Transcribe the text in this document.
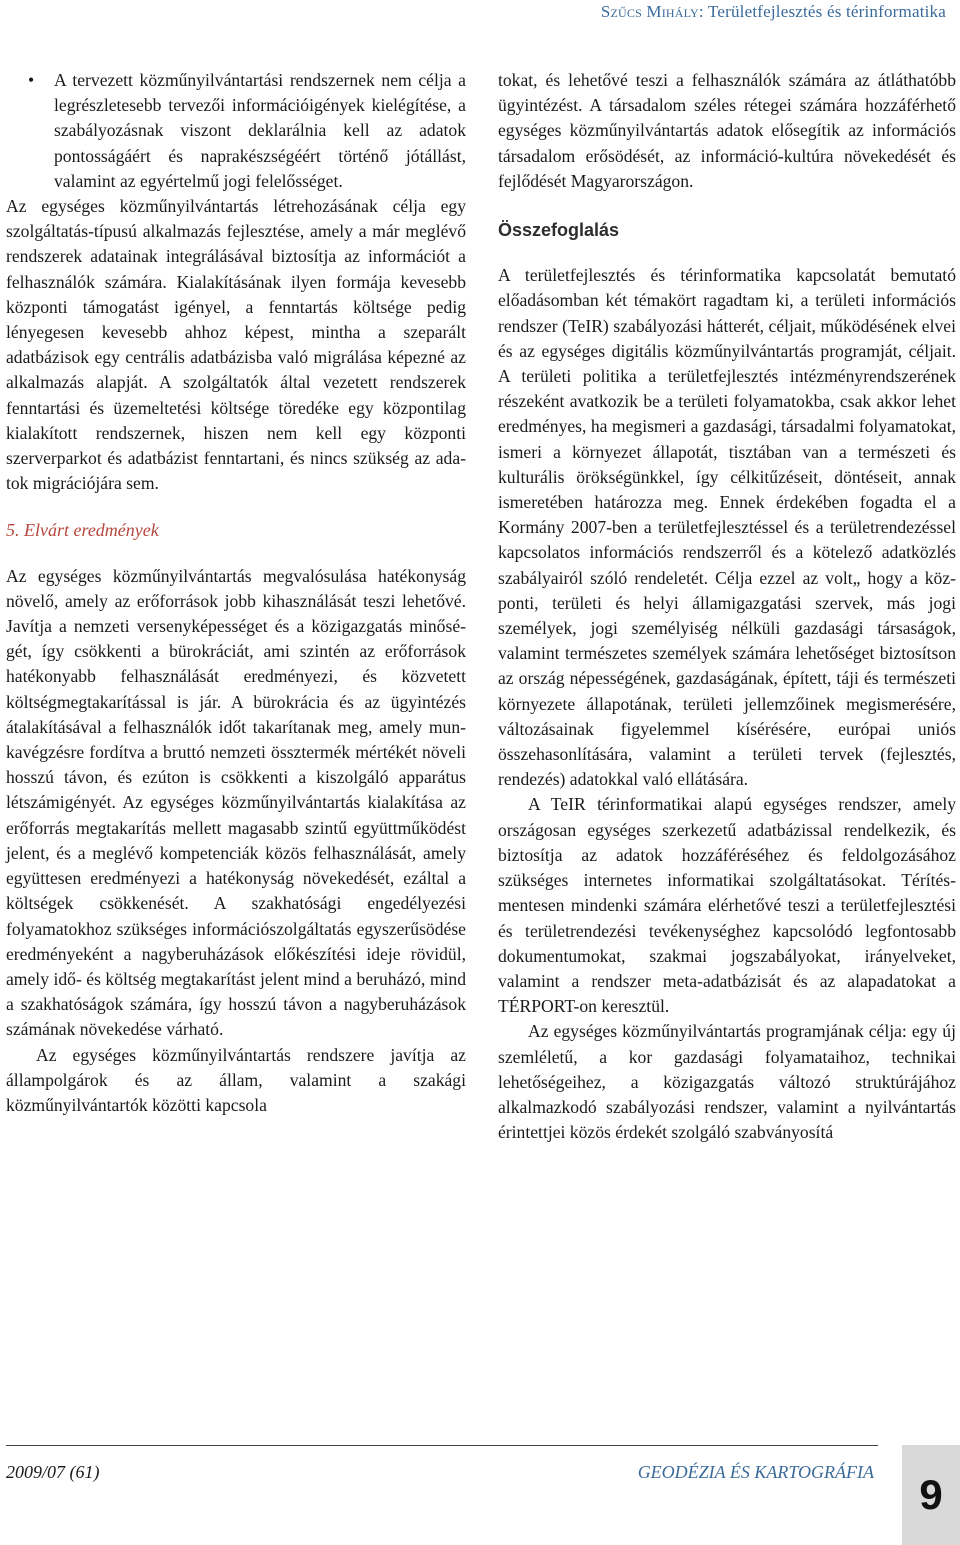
Szűcs Mihály: Területfejlesztés és térinformatika
• A tervezett közműnyilvántartási rendszernek nem célja a legrészletesebb tervezői információigények kielégítése, a szabályozásnak viszont deklarálnia kell az adatok pontosságáért és naprakészségéért történő jótállást, valamint az egyértelmű jogi felelősséget.

Az egységes közműnyilvántartás létrehozásának célja egy szolgáltatás-típusú alkalmazás fejlesztése, amely a már meglévő rendszerek adatainak integrálásával biztosítja az információt a felhasználók számára. Kialakításának ilyen formája kevesebb központi támogatást igényel, a fenntartás költsége pedig lényegesen kevesebb ahhoz képest, mintha a szeparált adatbázisok egy centrális adatbázisba való migrálása képezné az alkalmazás alapját. A szolgáltatók által vezetett rendszerek fenntartási és üzemeltetési költsége töredéke egy központilag kialakított rendszernek, hiszen nem kell egy központi szerverparkot és adatbázist fenntartani, és nincs szükség az adatok migrációjára sem.

5. Elvárt eredmények

Az egységes közműnyilvántartás megvalósulása hatékonyság növelő, amely az erőforrások jobb kihasználását teszi lehetővé. Javítja a nemzeti versenyképességet és a közigazgatás minőségét, így csökkenti a bürokráciát, ami szintén az erőforrások hatékonyabb felhasználását eredményezi, és közvetett költségmegtakarítással is jár. A bürokrácia és az ügyintézés átalakításával a felhasználók időt takarítanak meg, amely munkavégzésre fordítva a bruttó nemzeti össztermék mértékét növeli hosszú távon, és ezúton is csökkenti a kiszolgáló apparátus létszámigényét. Az egységes közműnyilvántartás kialakítása az erőforrás megtakarítás mellett magasabb szintű együttműködést jelent, és a meglévő kompetenciák közös felhasználását, amely együttesen eredményezi a hatékonyság növekedését, ezáltal a költségek csökkenését. A szakhatósági engedélyezési folyamatokhoz szükséges információszolgáltatás egyszerűsödése eredményeként a nagyberuházások előkészítési ideje rövidül, amely idő- és költség megtakarítást jelent mind a beruházó, mind a szakhatóságok számára, így hosszú távon a nagyberuházások számának növekedése várható.

Az egységes közműnyilvántartás rendszere javítja az állampolgárok és az állam, valamint a szakági közműnyilvántartók közötti kapcsola

tokat, és lehetővé teszi a felhasználók számára az átláthatóbb ügyintézést. A társadalom széles rétegei számára hozzáférhető egységes közműnyilvántartás adatok elősegítik az információs társadalom erősödését, az információ-kultúra növekedését és fejlődését Magyarországon.

Összefoglalás

A területfejlesztés és térinformatika kapcsolatát bemutató előadásomban két témakört ragadtam ki, a területi információs rendszer (TeIR) szabályozási hátterét, céljait, működésének elvei és az egységes digitális közműnyilvántartás programját, céljait. A területi politika a területfejlesztés intézményrendszerének részeként avatkozik be a területi folyamatokba, csak akkor lehet eredményes, ha megismeri a gazdasági, társadalmi folyamatokat, ismeri a környezet állapotát, tisztában van a természeti és kulturális örökségünkkel, így célkitűzéseit, döntéseit, annak ismeretében határozza meg. Ennek érdekében fogadta el a Kormány 2007-ben a területfejlesztéssel és a területrendezéssel kapcsolatos információs rendszerről és a kötelező adatközlés szabályairól szóló rendeletét. Célja ezzel az volt„ hogy a központi, területi és helyi államigazgatási szervek, más jogi személyek, jogi személyiség nélküli gazdasági társaságok, valamint természetes személyek számára lehetőséget biztosítson az ország népességének, gazdaságának, épített, táji és természeti környezete állapotának, területi jellemzőinek megismerésére, változásainak figyelemmel kísérésére, európai uniós összehasonlítására, valamint a területi tervek (fejlesztés, rendezés) adatokkal való ellátására.

A TeIR térinformatikai alapú egységes rendszer, amely országosan egységes szerkezetű adatbázissal rendelkezik, és biztosítja az adatok hozzáféréséhez és feldolgozásához szükséges internetes informatikai szolgáltatásokat. Térítésmentesen mindenki számára elérhetővé teszi a területfejlesztési és területrendezési tevékenységhez kapcsolódó legfontosabb dokumentumokat, szakmai jogszabályokat, irányelveket, valamint a rendszer meta-adatbázisát és az alapadatokat a TÉRPORT-on keresztül.

Az egységes közműnyilvántartás programjának célja: egy új szemléletű, a kor gazdasági folyamataihoz, technikai lehetőségeihez, a közigazgatás változó struktúrájához alkalmazkodó szabályozási rendszer, valamint a nyilvántartás érintettjei közös érdekét szolgáló szabványosítá

2009/07 (61)	GEODÉZIA ÉS KARTOGRÁFIA 9
